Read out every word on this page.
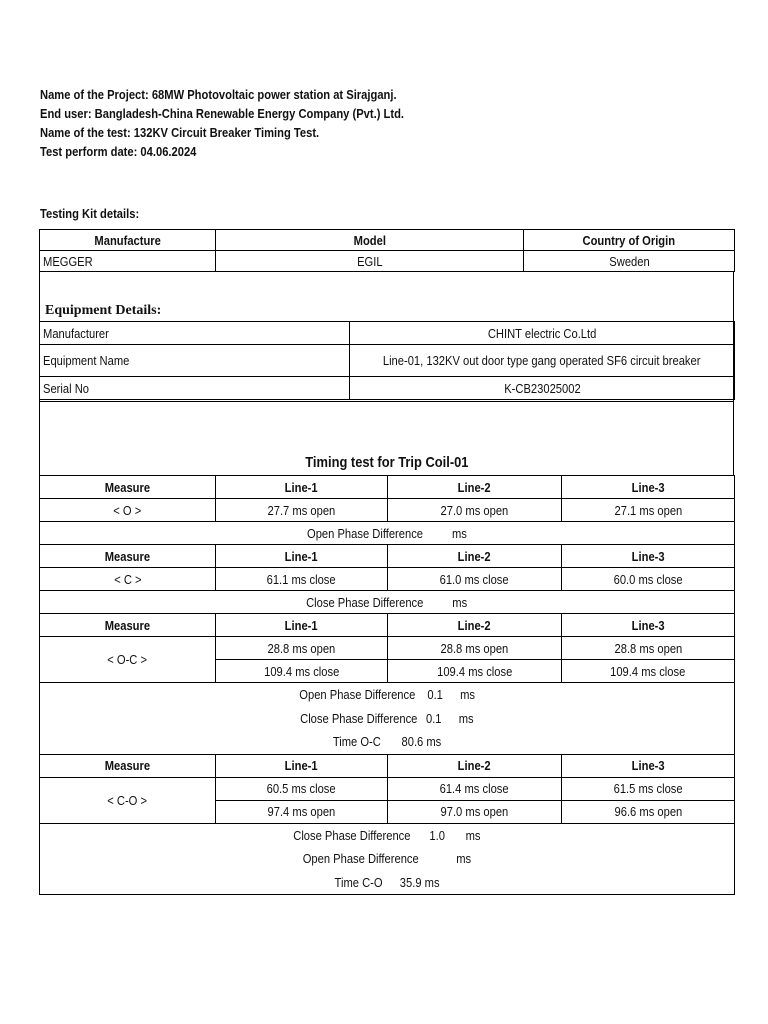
Name of the Project: 68MW Photovoltaic power station at Sirajganj.
End user: Bangladesh-China Renewable Energy Company (Pvt.) Ltd.
Name of the test: 132KV Circuit Breaker Timing Test.
Test perform date: 04.06.2024
Testing Kit details:
Manufacture	Model	Country of Origin
MEGGER	EGIL	Sweden
Equipment Details:
Manufacturer	CHINT electric Co.Ltd
Equipment Name	Line-01, 132KV out door type gang operated SF6 circuit breaker
Serial No	K-CB23025002
Timing test for Trip Coil-01
Measure	Line-1	Line-2	Line-3
< O >	27.7 ms open	27.0 ms open	27.1 ms open
Open Phase Difference ms			
Measure	Line-1	Line-2	Line-3
< C >	61.1 ms close	61.0 ms close	60.0 ms close
Close Phase Difference ms			
Measure	Line-1	Line-2	Line-3
< O-C >	28.8 ms open	28.8 ms open	28.8 ms open
	109.4 ms close	109.4 ms close	109.4 ms close

Open Phase Difference 0.1 ms
Close Phase Difference 0.1 ms
Time O-C 80.6 ms			

Measure	Line-1	Line-2	Line-3
< C-O >	60.5 ms close	61.4 ms close	61.5 ms close
	97.4 ms open	97.0 ms open	96.6 ms open

Close Phase Difference 1.0 ms
Open Phase Difference ms
Time C-O 35.9 ms			
